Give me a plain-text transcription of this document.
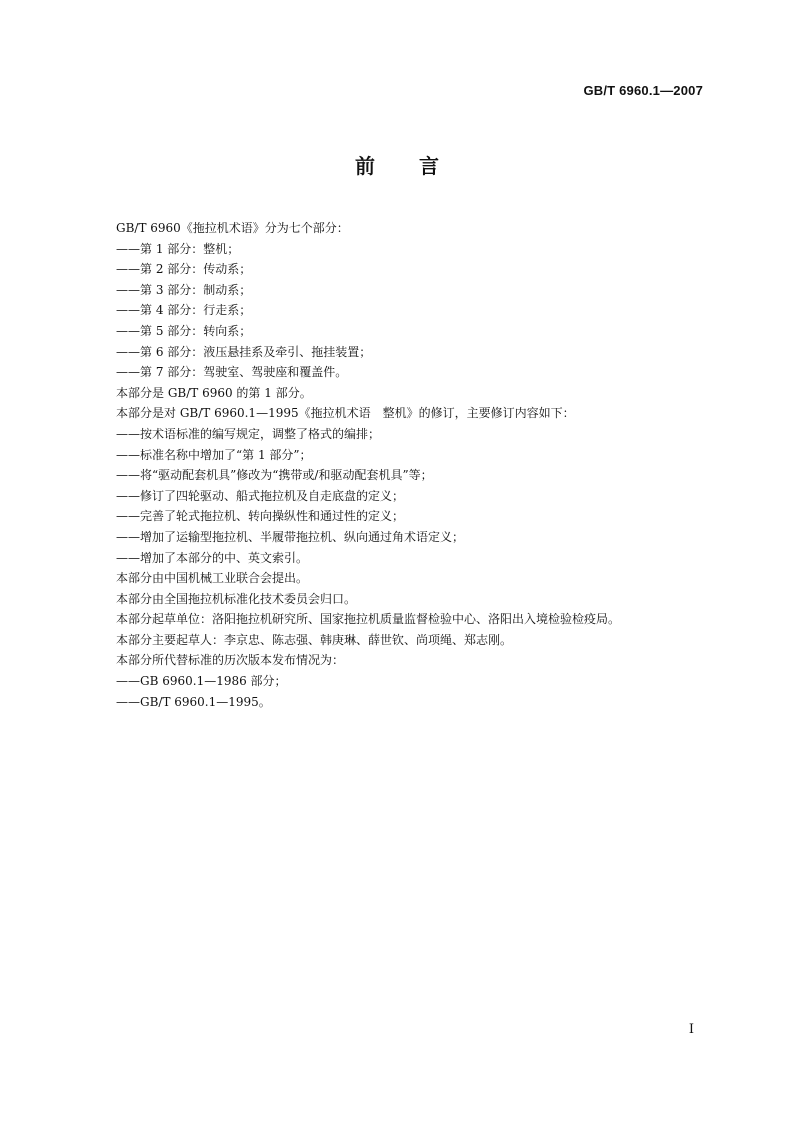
GB/T 6960.1—2007
前言
GB/T 6960《拖拉机术语》分为七个部分：
——第 1 部分：整机；
——第 2 部分：传动系；
——第 3 部分：制动系；
——第 4 部分：行走系；
——第 5 部分：转向系；
——第 6 部分：液压悬挂系及牵引、拖挂装置；
——第 7 部分：驾驶室、驾驶座和覆盖件。
本部分是 GB/T 6960 的第 1 部分。
本部分是对 GB/T 6960.1—1995《拖拉机术语　整机》的修订，主要修订内容如下：
——按术语标准的编写规定，调整了格式的编排；
——标准名称中增加了“第 1 部分”；
——将“驱动配套机具”修改为“携带或/和驱动配套机具”等；
——修订了四轮驱动、船式拖拉机及自走底盘的定义；
——完善了轮式拖拉机、转向操纵性和通过性的定义；
——增加了运输型拖拉机、半履带拖拉机、纵向通过角术语定义；
——增加了本部分的中、英文索引。
本部分由中国机械工业联合会提出。
本部分由全国拖拉机标准化技术委员会归口。
本部分起草单位：洛阳拖拉机研究所、国家拖拉机质量监督检验中心、洛阳出入境检验检疫局。
本部分主要起草人：李京忠、陈志强、韩庚琳、薛世钦、尚项绳、郑志刚。
本部分所代替标准的历次版本发布情况为：
——GB 6960.1—1986 部分；
——GB/T 6960.1—1995。
I
